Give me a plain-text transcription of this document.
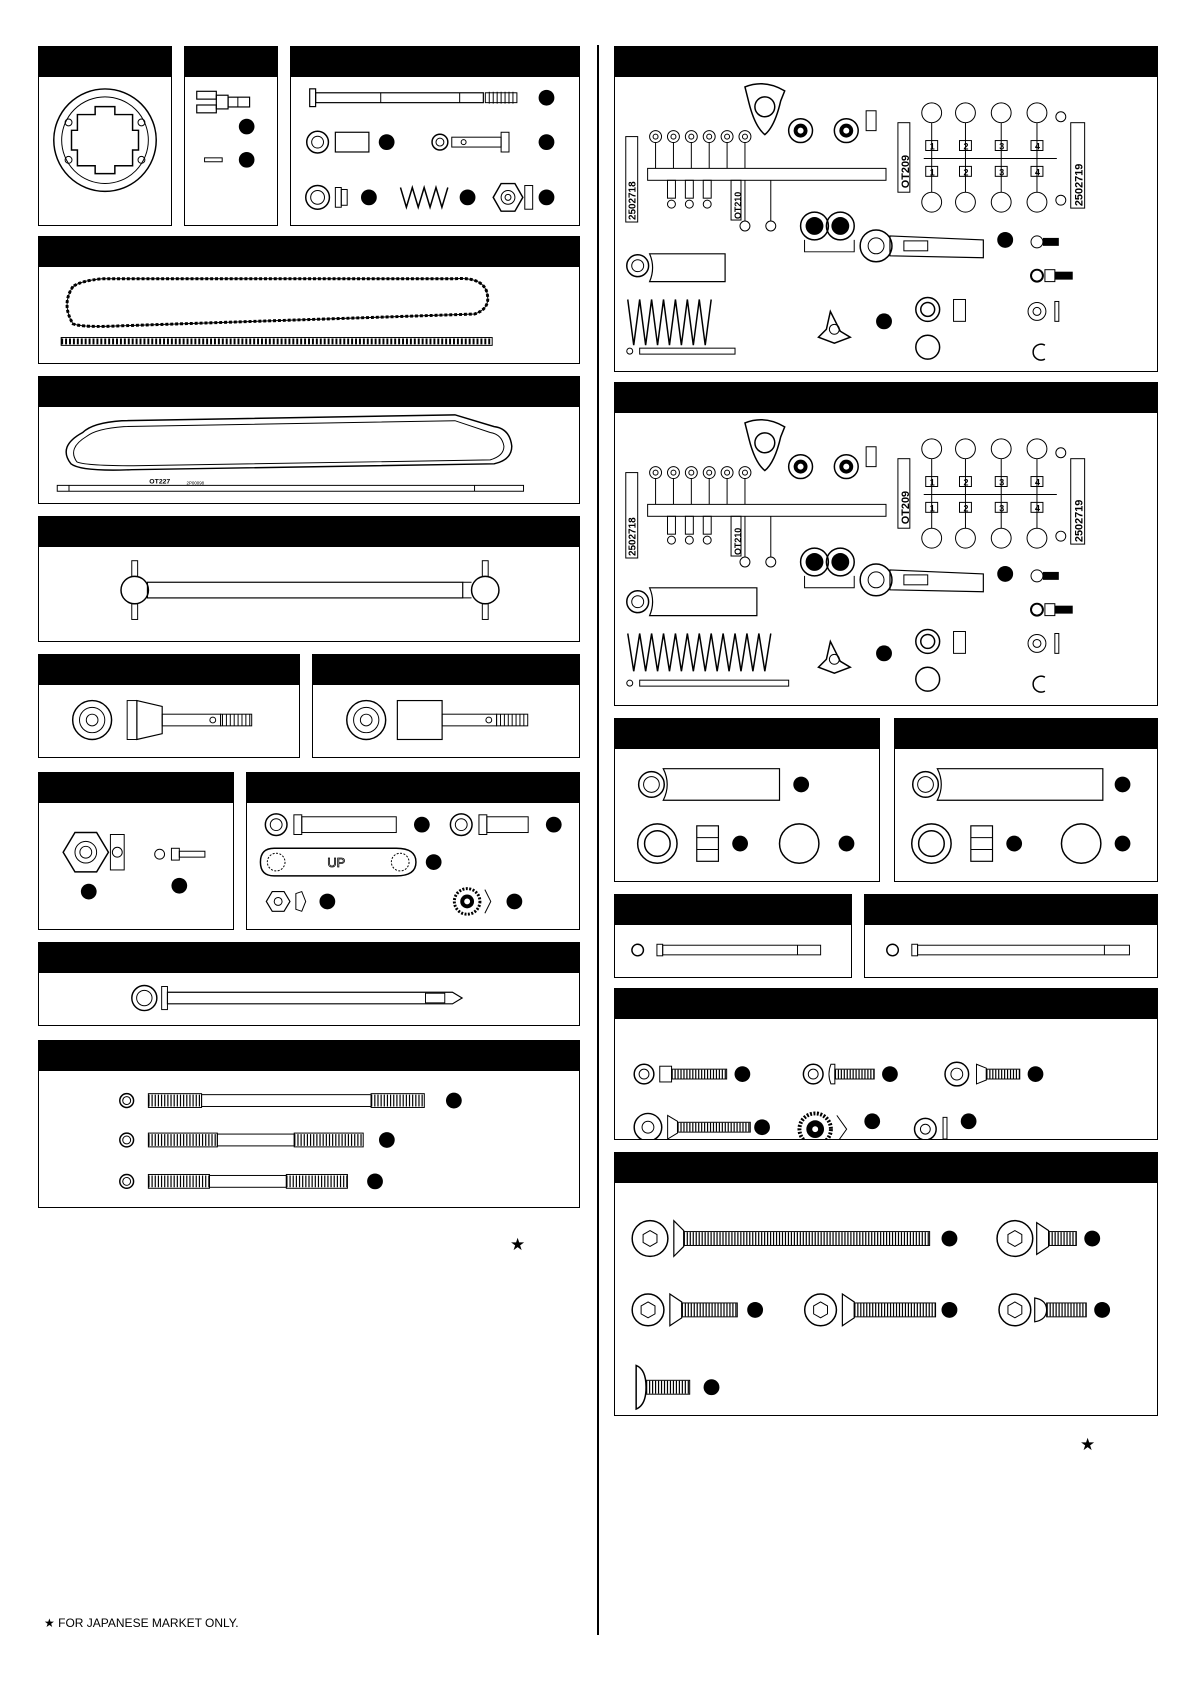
OT227	2P00098
UP
★
2502718	OT210
OT209
1	2	3	4
1	2	3	4	2502719
2502718	OT210
OT209
1	2	3	4
1	2	3	4	2502719
★
★ FOR JAPANESE MARKET ONLY.
